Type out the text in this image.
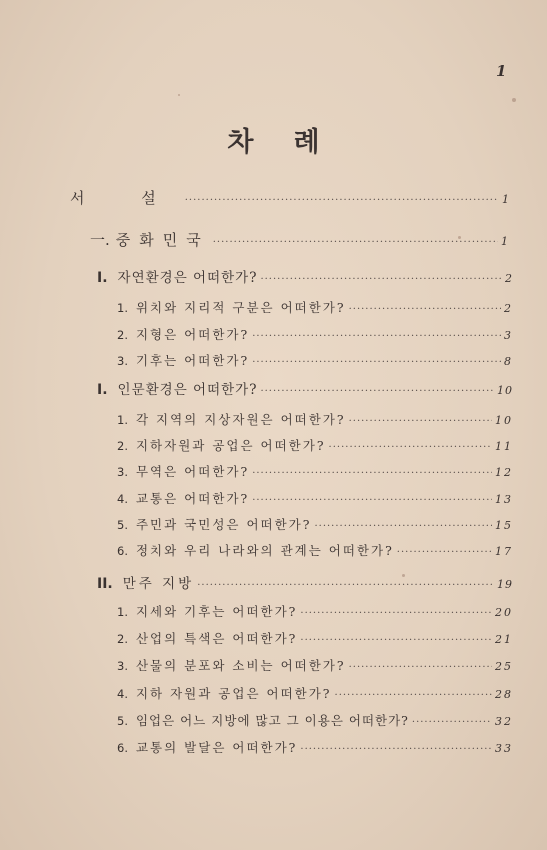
1
차례
서 설 ·····	1
一. 중화민국 ·····	1
I. 자연환경은 어떠한가? ·····	2
1. 위치와 지리적 구분은 어떠한가? ·····	2
2. 지형은 어떠한가? ·····	3
3. 기후는 어떠한가? ·····	8
I. 인문환경은 어떠한가? ·····	10
1. 각 지역의 지상자원은 어떠한가? ·····	10
2. 지하자원과 공업은 어떠한가? ·····	11
3. 무역은 어떠한가? ·····	12
4. 교통은 어떠한가? ·····	13
5. 주민과 국민성은 어떠한가? ·····	15
6. 정치와 우리 나라와의 관계는 어떠한가? ·····	17
II. 만주 지방 ·····	19
1. 지세와 기후는 어떠한가? ·····	20
2. 산업의 특색은 어떠한가? ·····	21
3. 산물의 분포와 소비는 어떠한가? ·····	25
4. 지하 자원과 공업은 어떠한가? ·····	28
5. 임업은 어느 지방에 많고 그 이용은 어떠한가? ·····	32
6. 교통의 발달은 어떠한가? ·····	33
